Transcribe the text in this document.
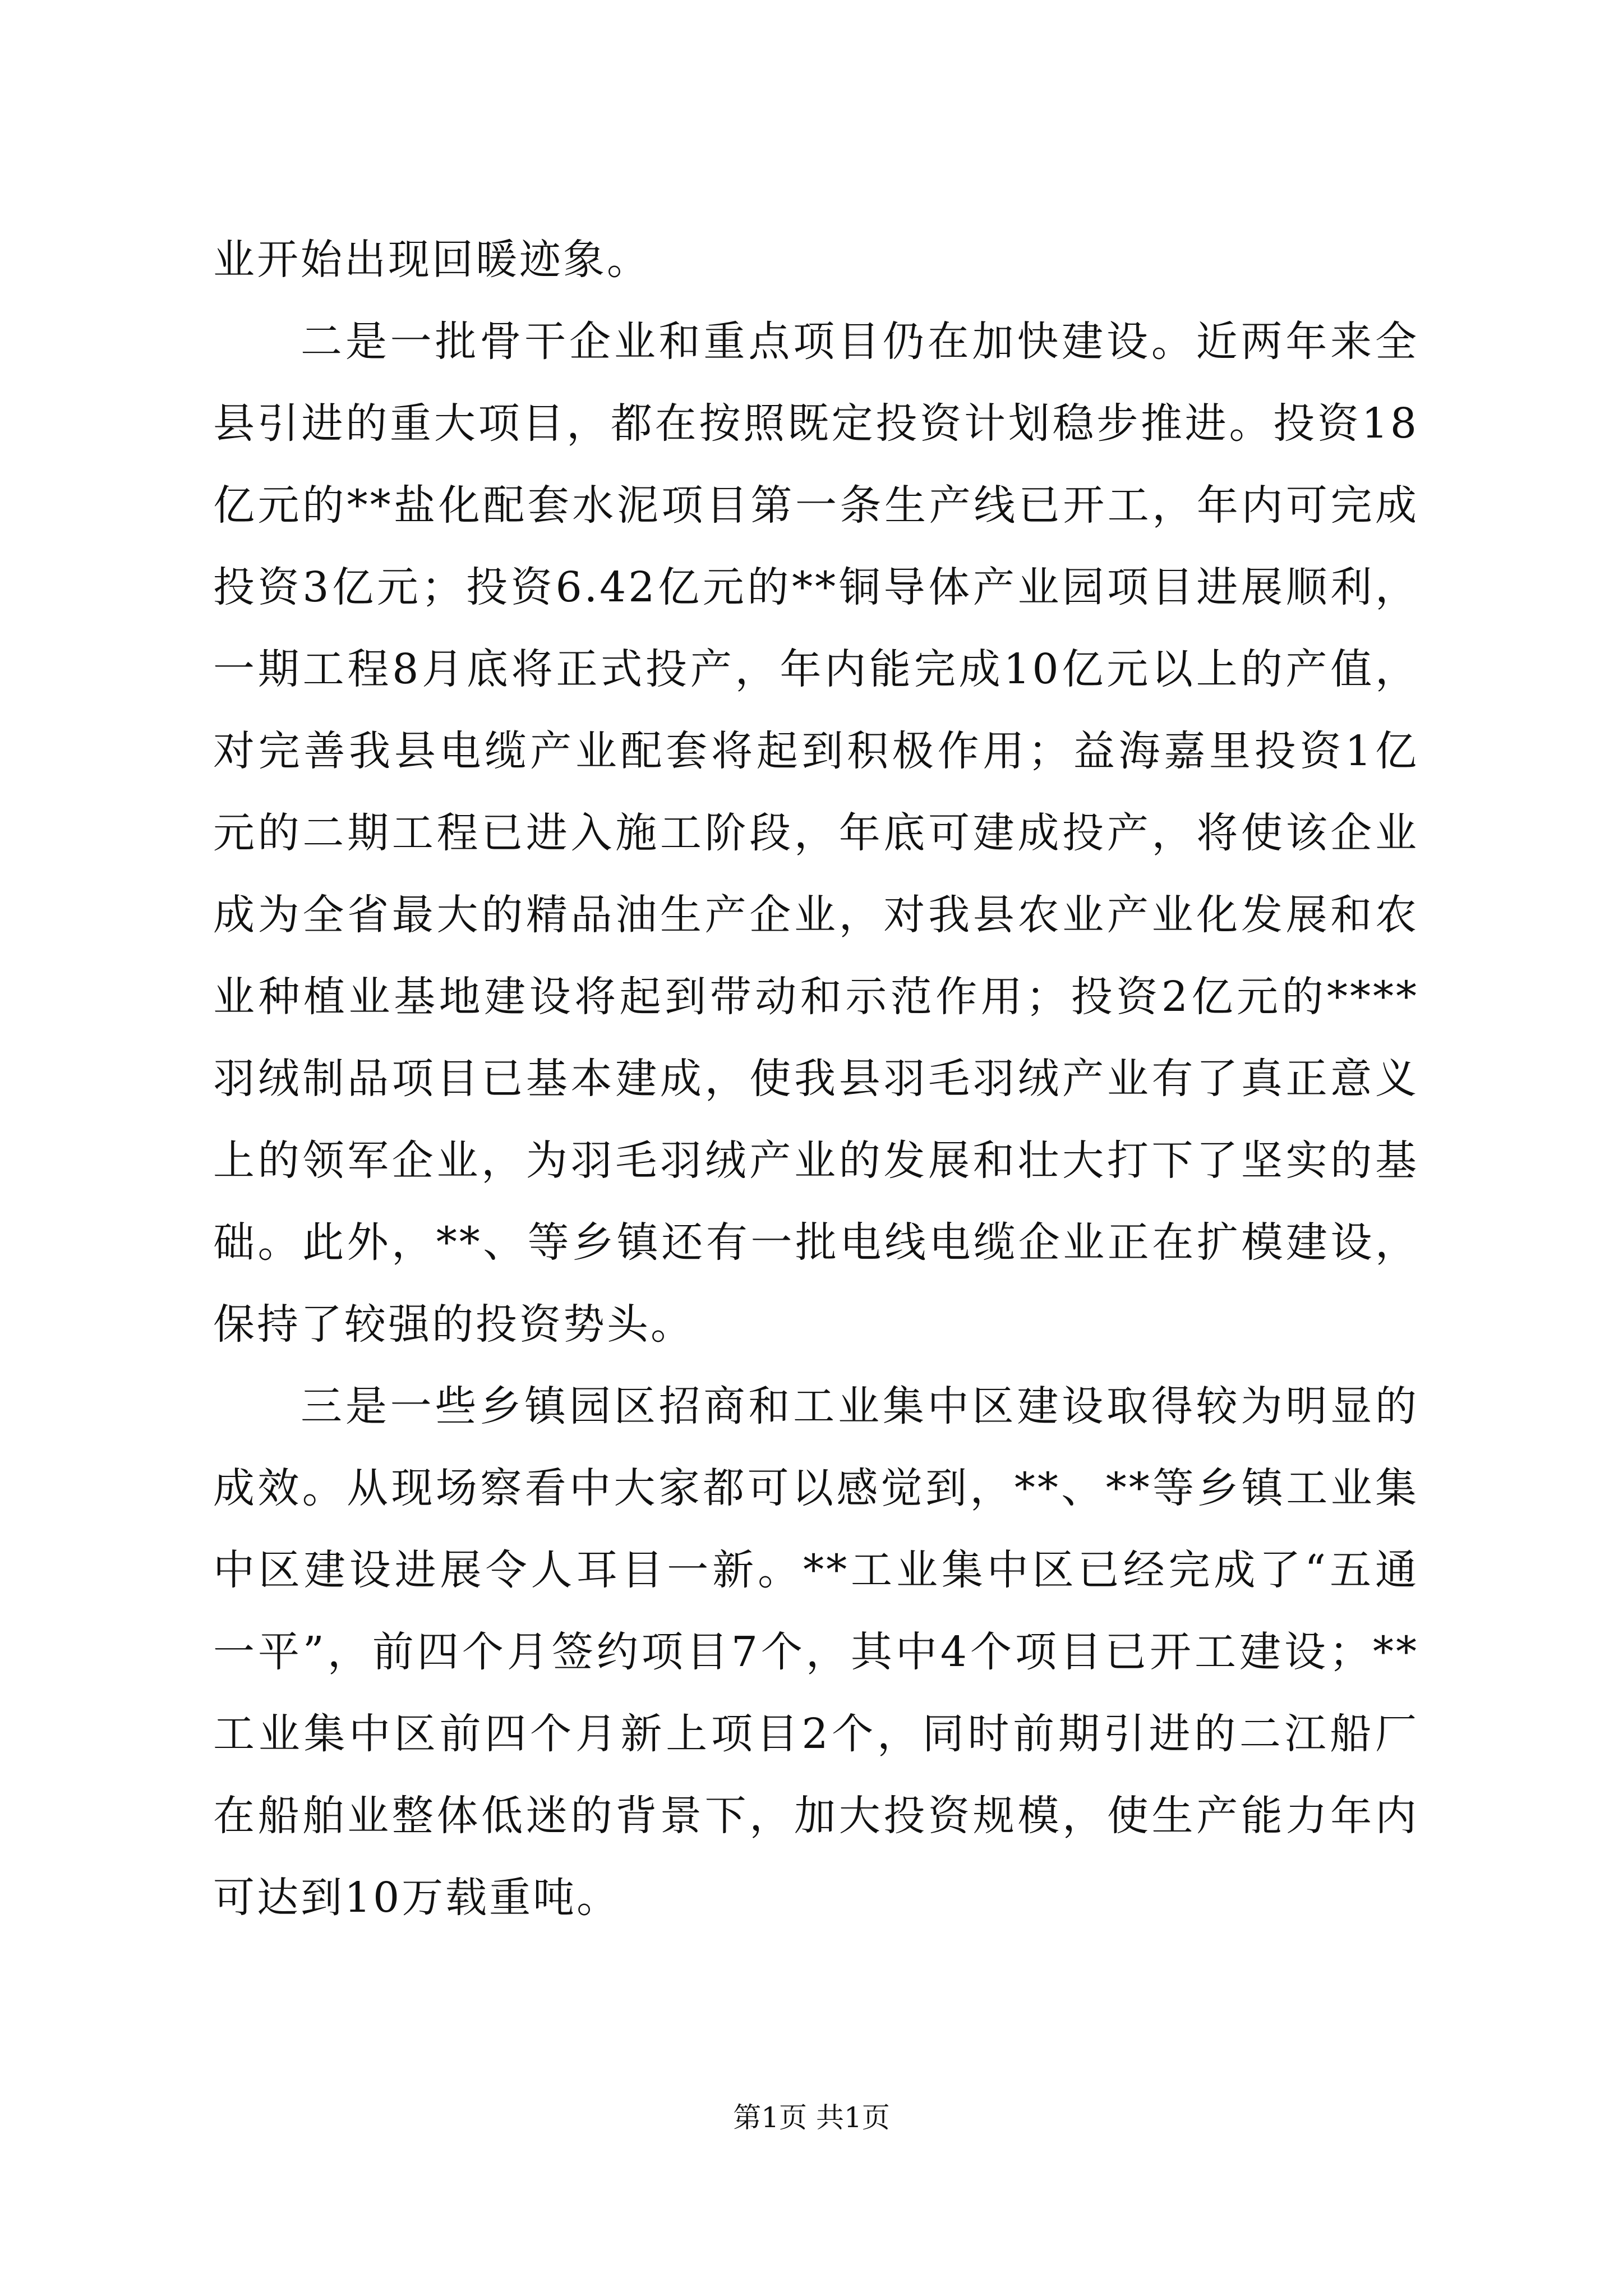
业开始出现回暖迹象。

二是一批骨干企业和重点项目仍在加快建设。近两年来全县引进的重大项目，都在按照既定投资计划稳步推进。投资18亿元的**盐化配套水泥项目第一条生产线已开工，年内可完成投资3亿元；投资6.42亿元的**铜导体产业园项目进展顺利，一期工程8月底将正式投产，年内能完成10亿元以上的产值，对完善我县电缆产业配套将起到积极作用；益海嘉里投资1亿元的二期工程已进入施工阶段，年底可建成投产，将使该企业成为全省最大的精品油生产企业，对我县农业产业化发展和农业种植业基地建设将起到带动和示范作用；投资2亿元的****羽绒制品项目已基本建成，使我县羽毛羽绒产业有了真正意义上的领军企业，为羽毛羽绒产业的发展和壮大打下了坚实的基础。此外，**、等乡镇还有一批电线电缆企业正在扩模建设，保持了较强的投资势头。

三是一些乡镇园区招商和工业集中区建设取得较为明显的成效。从现场察看中大家都可以感觉到，**、**等乡镇工业集中区建设进展令人耳目一新。**工业集中区已经完成了“五通一平”，前四个月签约项目7个，其中4个项目已开工建设；**工业集中区前四个月新上项目2个，同时前期引进的二江船厂在船舶业整体低迷的背景下，加大投资规模，使生产能力年内可达到10万载重吨。

第1页 共1页
